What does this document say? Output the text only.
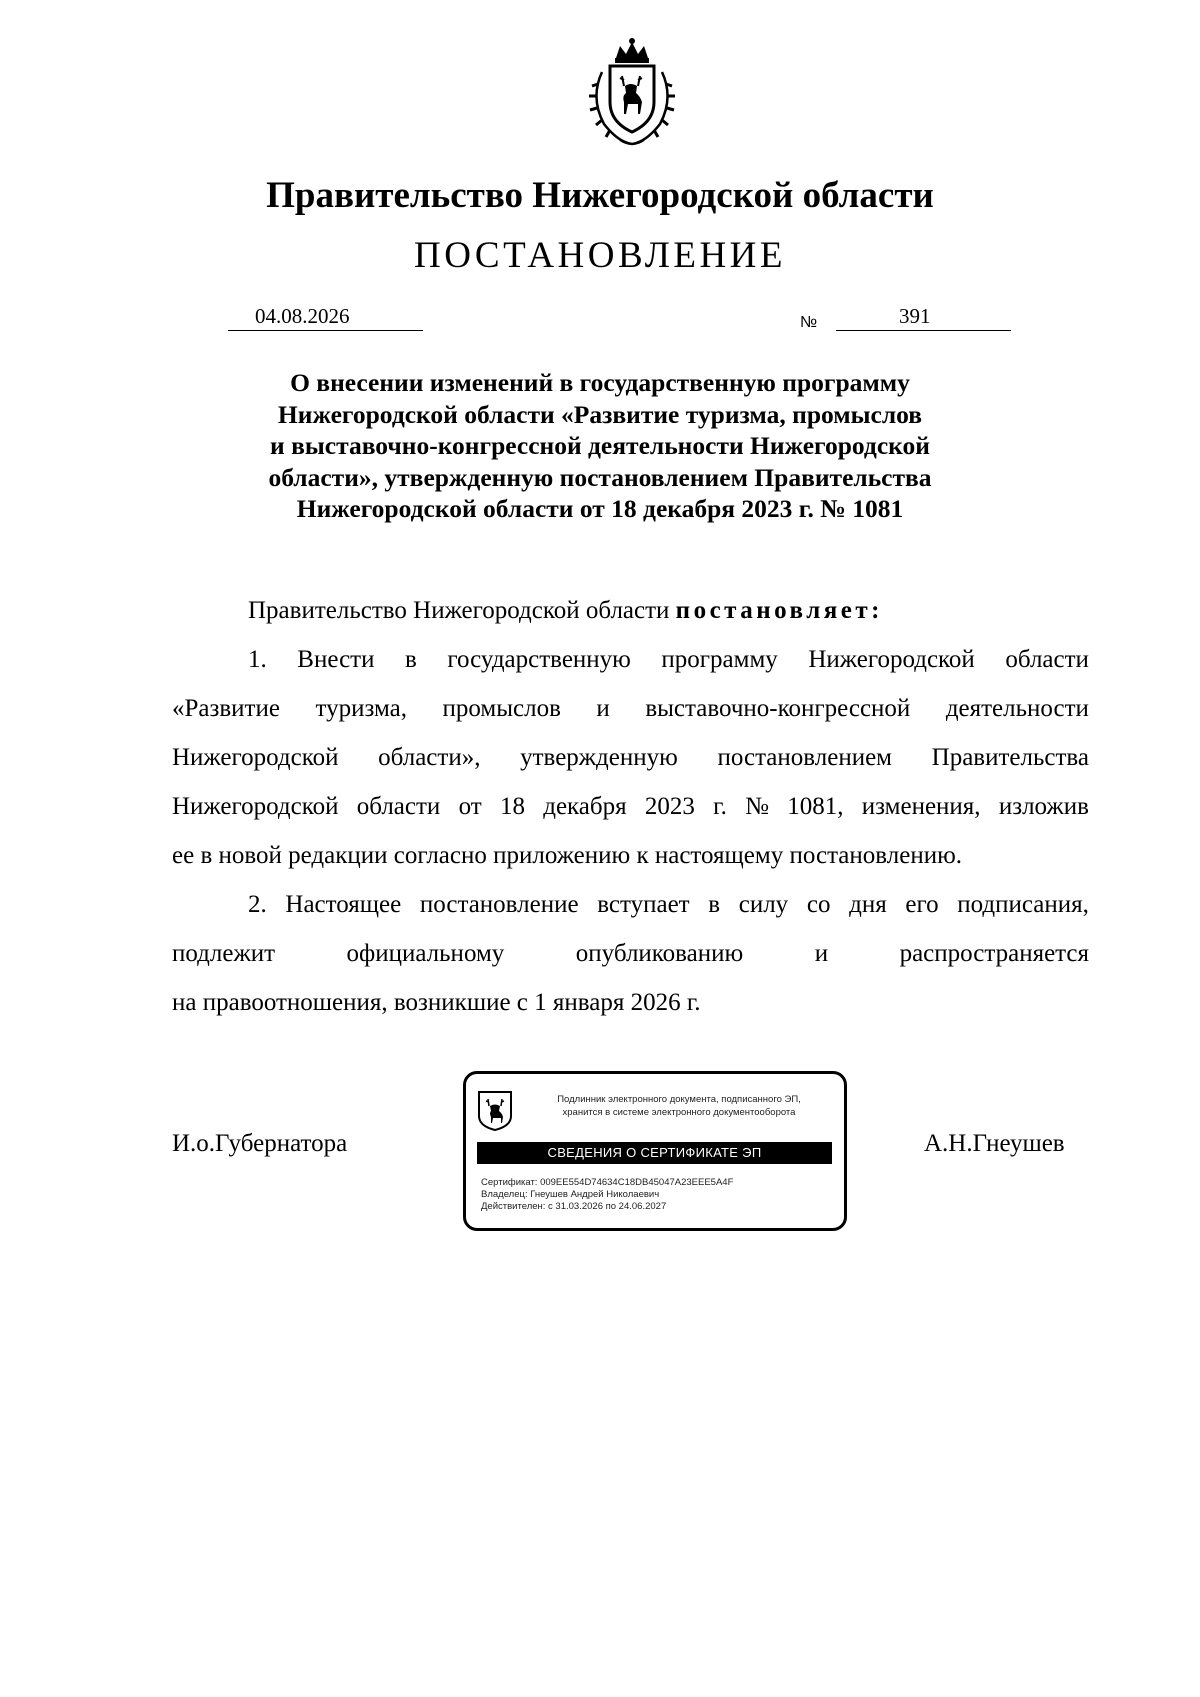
Правительство Нижегородской области
ПОСТАНОВЛЕНИЕ
04.08.2026	№	391
О внесении изменений в государственную программу
Нижегородской области «Развитие туризма, промыслов
и выставочно-конгрессной деятельности Нижегородской
области», утвержденную постановлением Правительства
Нижегородской области от 18 декабря 2023 г. № 1081
Правительство Нижегородской области постановляет:
1. Внести в государственную программу Нижегородской области
«Развитие туризма, промыслов и выставочно-конгрессной деятельности
Нижегородской области», утвержденную постановлением Правительства
Нижегородской области от 18 декабря 2023 г. № 1081, изменения, изложив
ее в новой редакции согласно приложению к настоящему постановлению.
2. Настоящее постановление вступает в силу со дня его подписания,
подлежит	официальному	опубликованию	и	распространяется
на правоотношения, возникшие с 1 января 2026 г.
И.о.Губернатора	А.Н.Гнеушев
Подлинник электронного документа, подписанного ЭП,
хранится в системе электронного документооборота
СВЕДЕНИЯ О СЕРТИФИКАТЕ ЭП
Сертификат: 009EE554D74634C18DB45047A23EEE5A4F
Владелец: Гнеушев Андрей Николаевич
Действителен: с 31.03.2026 по 24.06.2027
